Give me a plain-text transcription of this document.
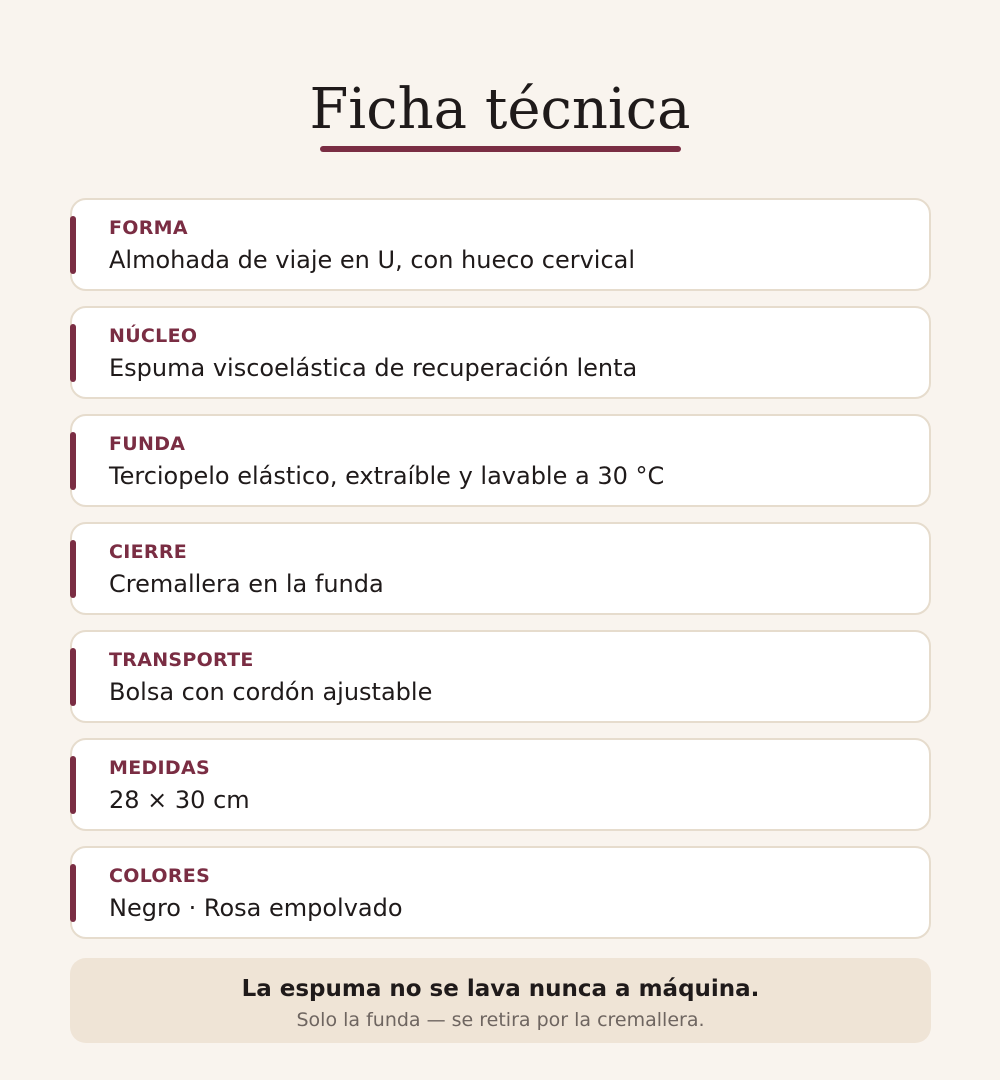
Ficha técnica
FORMA
Almohada de viaje en U, con hueco cervical
NÚCLEO
Espuma viscoelástica de recuperación lenta
FUNDA
Terciopelo elástico, extraíble y lavable a 30 °C
CIERRE
Cremallera en la funda
TRANSPORTE
Bolsa con cordón ajustable
MEDIDAS
28 × 30 cm
COLORES
Negro · Rosa empolvado
La espuma no se lava nunca a máquina.
Solo la funda — se retira por la cremallera.
